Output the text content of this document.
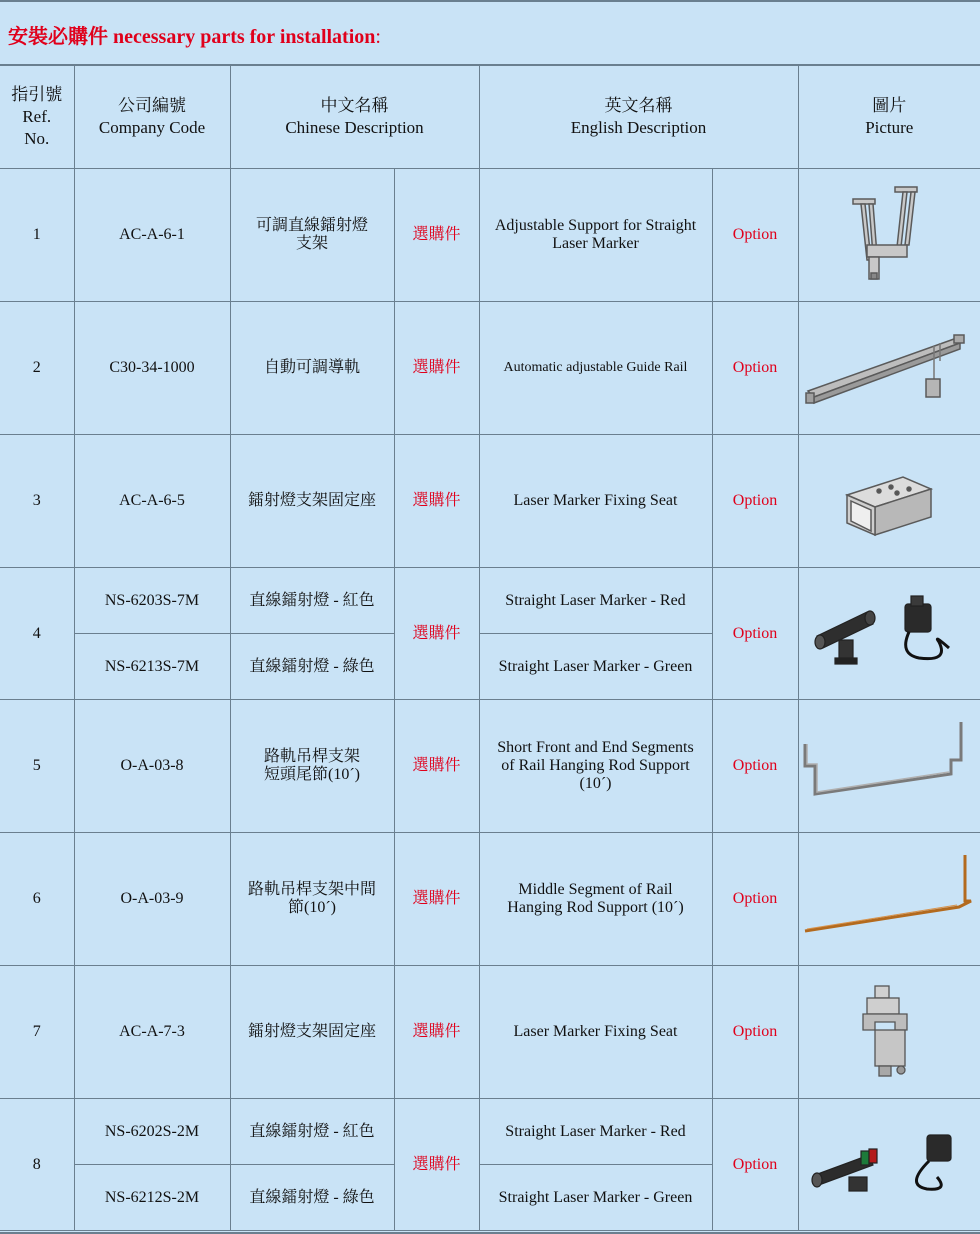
安裝必購件 necessary parts for installation:
指引號
Ref.
No.	公司編號
Company Code	中文名稱
Chinese Description		英文名稱
English Description		圖片
Picture

1	AC-A-6-1	可調直線鐳射燈
支架	選購件	Adjustable Support for Straight
Laser Marker	Option	

2	C30-34-1000	自動可調導軌	選購件	Automatic adjustable Guide Rail	Option	

3	AC-A-6-5	鐳射燈支架固定座	選購件	Laser Marker Fixing Seat	Option	

4	NS-6203S-7M	直線鐳射燈 - 紅色	選購件	Straight Laser Marker - Red	Option	

	NS-6213S-7M	直線鐳射燈 - 綠色		Straight Laser Marker - Green		
5	O-A-03-8	路軌吊桿支架
短頭尾節(10´)	選購件	Short Front and End Segments
of Rail Hanging Rod Support
(10´)	Option	

6	O-A-03-9	路軌吊桿支架中間
節(10´)	選購件	Middle Segment of Rail
Hanging Rod Support (10´)	Option	

7	AC-A-7-3	鐳射燈支架固定座	選購件	Laser Marker Fixing Seat	Option	

8	NS-6202S-2M	直線鐳射燈 - 紅色	選購件	Straight Laser Marker - Red	Option	

	NS-6212S-2M	直線鐳射燈 - 綠色		Straight Laser Marker - Green		
